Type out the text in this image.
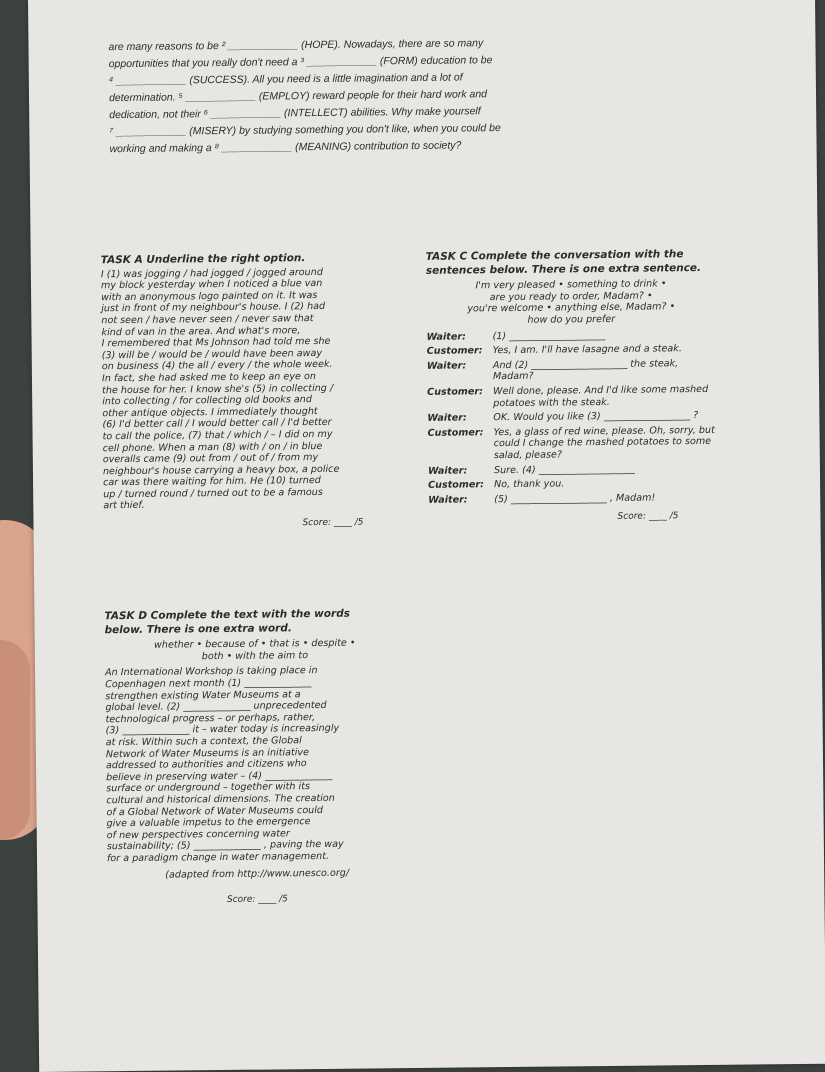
are many reasons to be ² ____________ (HOPE). Nowadays, there are so many

opportunities that you really don't need a ³ ____________ (FORM) education to be

⁴ ____________ (SUCCESS). All you need is a little imagination and a lot of

determination. ⁵ ____________ (EMPLOY) reward people for their hard work and

dedication, not their ⁶ ____________ (INTELLECT) abilities. Why make yourself

⁷ ____________ (MISERY) by studying something you don't like, when you could be

working and making a ⁸ ____________ (MEANING) contribution to society?

TASK A Underline the right option.

I (1) was jogging / had jogged / jogged around

my block yesterday when I noticed a blue van

with an anonymous logo painted on it. It was

just in front of my neighbour's house. I (2) had

not seen / have never seen / never saw that

kind of van in the area. And what's more,

I remembered that Ms Johnson had told me she

(3) will be / would be / would have been away

on business (4) the all / every / the whole week.

In fact, she had asked me to keep an eye on

the house for her. I know she's (5) in collecting /

into collecting / for collecting old books and

other antique objects. I immediately thought

(6) I'd better call / I would better call / I'd better

to call the police, (7) that / which / – I did on my

cell phone. When a man (8) with / on / in blue

overalls came (9) out from / out of / from my

neighbour's house carrying a heavy box, a police

car was there waiting for him. He (10) turned

up / turned round / turned out to be a famous

art thief.

Score: ____ /5

TASK C Complete the conversation with the

sentences below. There is one extra sentence.

I'm very pleased • something to drink •

are you ready to order, Madam? •

you're welcome • anything else, Madam? •

how do you prefer

Waiter:	(1) ____________________
Customer:	Yes, I am. I'll have lasagne and a steak.
Waiter:	And (2) ____________________ the steak, Madam?
Customer:	Well done, please. And I'd like some mashed potatoes with the steak.
Waiter:	OK. Would you like (3) __________________ ?
Customer:	Yes, a glass of red wine, please. Oh, sorry, but could I change the mashed potatoes to some salad, please?
Waiter:	Sure. (4) ____________________
Customer:	No, thank you.
Waiter:	(5) ____________________ , Madam!

Score: ____ /5

TASK D Complete the text with the words

below. There is one extra word.

whether • because of • that is • despite •

both • with the aim to

An International Workshop is taking place in

Copenhagen next month (1) ______________

strengthen existing Water Museums at a

global level. (2) ______________ unprecedented

technological progress – or perhaps, rather,

(3) ______________ it – water today is increasingly

at risk. Within such a context, the Global

Network of Water Museums is an initiative

addressed to authorities and citizens who

believe in preserving water – (4) ______________

surface or underground – together with its

cultural and historical dimensions. The creation

of a Global Network of Water Museums could

give a valuable impetus to the emergence

of new perspectives concerning water

sustainability; (5) ______________ , paving the way

for a paradigm change in water management.

(adapted from http://www.unesco.org/

Score: ____ /5
